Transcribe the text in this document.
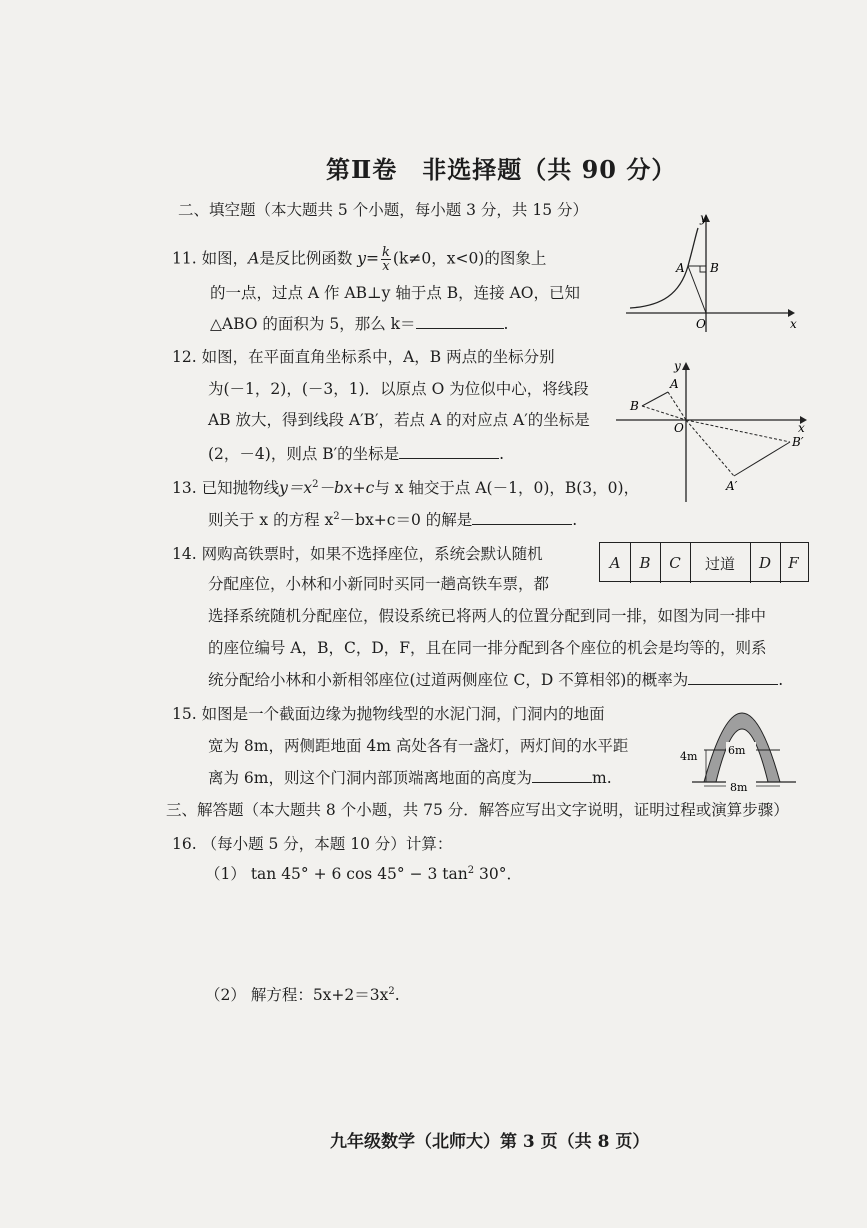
第Ⅱ卷　非选择题（共 90 分）
二、填空题（本大题共 5 个小题，每小题 3 分，共 15 分）
11. 如图，A是反比例函数 $y= \frac{k}{x} (k\ne 0$，x<0)的图象上
的一点，过点 A 作 AB⊥y 轴于点 B，连接 AO，已知
△ABO 的面积为 5，那么 k＝	.
y
x
A B
O
12. 如图，在平面直角坐标系中，A，B 两点的坐标分别
为(－1，2)，(－3，1)．以原点 O 为位似中心，将线段
AB 放大，得到线段 A′B′，若点 A 的对应点 A′的坐标是
(2，－4)，则点 B′的坐标是	.
y
x
A
B
O
A′
B′
13. 已知抛物线$y=x^2-bx+c$与 x 轴交于点 A(－1，0)，B(3，0)，
则关于 x 的方程 $x^2-bx+c=0$ 的解是	.
14. 网购高铁票时，如果不选择座位，系统会默认随机
分配座位，小林和小新同时买同一趟高铁车票，都
选择系统随机分配座位，假设系统已将两人的位置分配到同一排，如图为同一排中
的座位编号 A，B，C，D，F，且在同一排分配到各个座位的机会是均等的，则系
统分配给小林和小新相邻座位(过道两侧座位 C，D 不算相邻)的概率为	.
A	B	C	过道	D	F
15. 如图是一个截面边缘为抛物线型的水泥门洞，门洞内的地面
宽为 8m，两侧距地面 4m 高处各有一盏灯，两灯间的水平距
离为 6m，则这个门洞内部顶端离地面的高度为	m.
4m	6m
8m
三、解答题（本大题共 8 个小题，共 75 分．解答应写出文字说明，证明过程或演算步骤）
16. （每小题 5 分，本题 10 分）计算：
（1） tan 45° + 6 cos 45° − 3 $\tan^2 30^\circ$．
（2） 解方程：$5x+2=3x^2$.
九年级数学（北师大）第 3 页（共 8 页）
